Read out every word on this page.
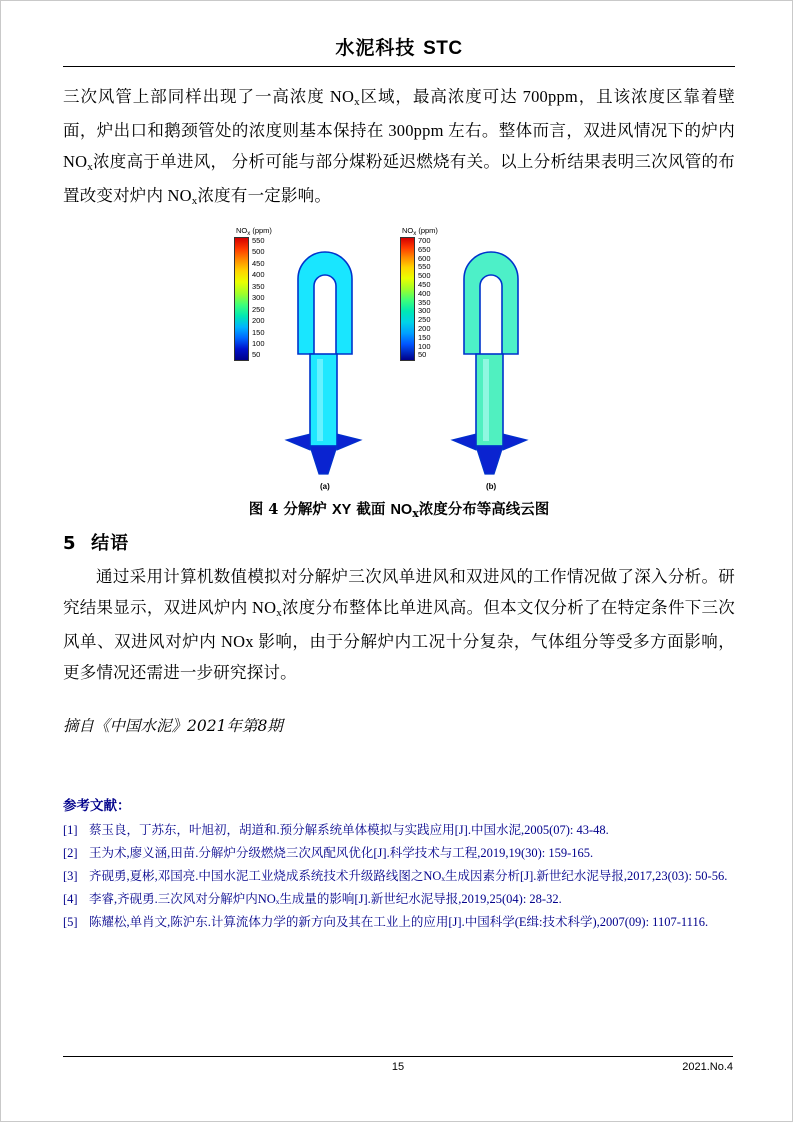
水泥科技 STC

三次风管上部同样出现了一高浓度 $NO_x$区域，最高浓度可达 700ppm，且该浓度区靠着壁面，炉出口和鹅颈管处的浓度则基本保持在 300ppm 左右。整体而言，双进风情况下的炉内 $NO_x$浓度高于单进风， 分析可能与部分煤粉延迟燃烧有关。以上分析结果表明三次风管的布置改变对炉内 $NO_x$浓度有一定影响。

$NO_x$ (ppm)
550
500
450
400
350
300
250
200
150
100
50
(a)
$NO_x$ (ppm)
700
650
600
550
500
450
400
350
300
250
200
150
100
50
(b)
图 4 分解炉 XY 截面 $NO_x$浓度分布等高线云图
5 结语

通过采用计算机数值模拟对分解炉三次风单进风和双进风的工作情况做了深入分析。研究结果显示，双进风炉内 $NO_x$浓度分布整体比单进风高。但本文仅分析了在特定条件下三次风单、双进风对炉内 NOx 影响，由于分解炉内工况十分复杂，气体组分等受多方面影响，更多情况还需进一步研究探讨。

摘自《中国水泥》2021年第8期

参考文献：
[1] 蔡玉良，丁苏东，叶旭初，胡道和.预分解系统单体模拟与实践应用[J].中国水泥,2005(07): 43-48.
[2] 王为术,廖义涵,田苗.分解炉分级燃烧三次风配风优化[J].科学技术与工程,2019,19(30): 159-165.
[3] 齐砚勇,夏彬,邓国亮.中国水泥工业烧成系统技术升级路线图之NOₓ生成因素分析[J].新世纪水泥导报,2017,23(03): 50-56.
[4] 李睿,齐砚勇.三次风对分解炉内NOₓ生成量的影响[J].新世纪水泥导报,2019,25(04): 28-32.
[5] 陈耀松,单肖文,陈沪东.计算流体力学的新方向及其在工业上的应用[J].中国科学(E缉:技术科学),2007(09): 1107-1116.
15	2021.No.4
